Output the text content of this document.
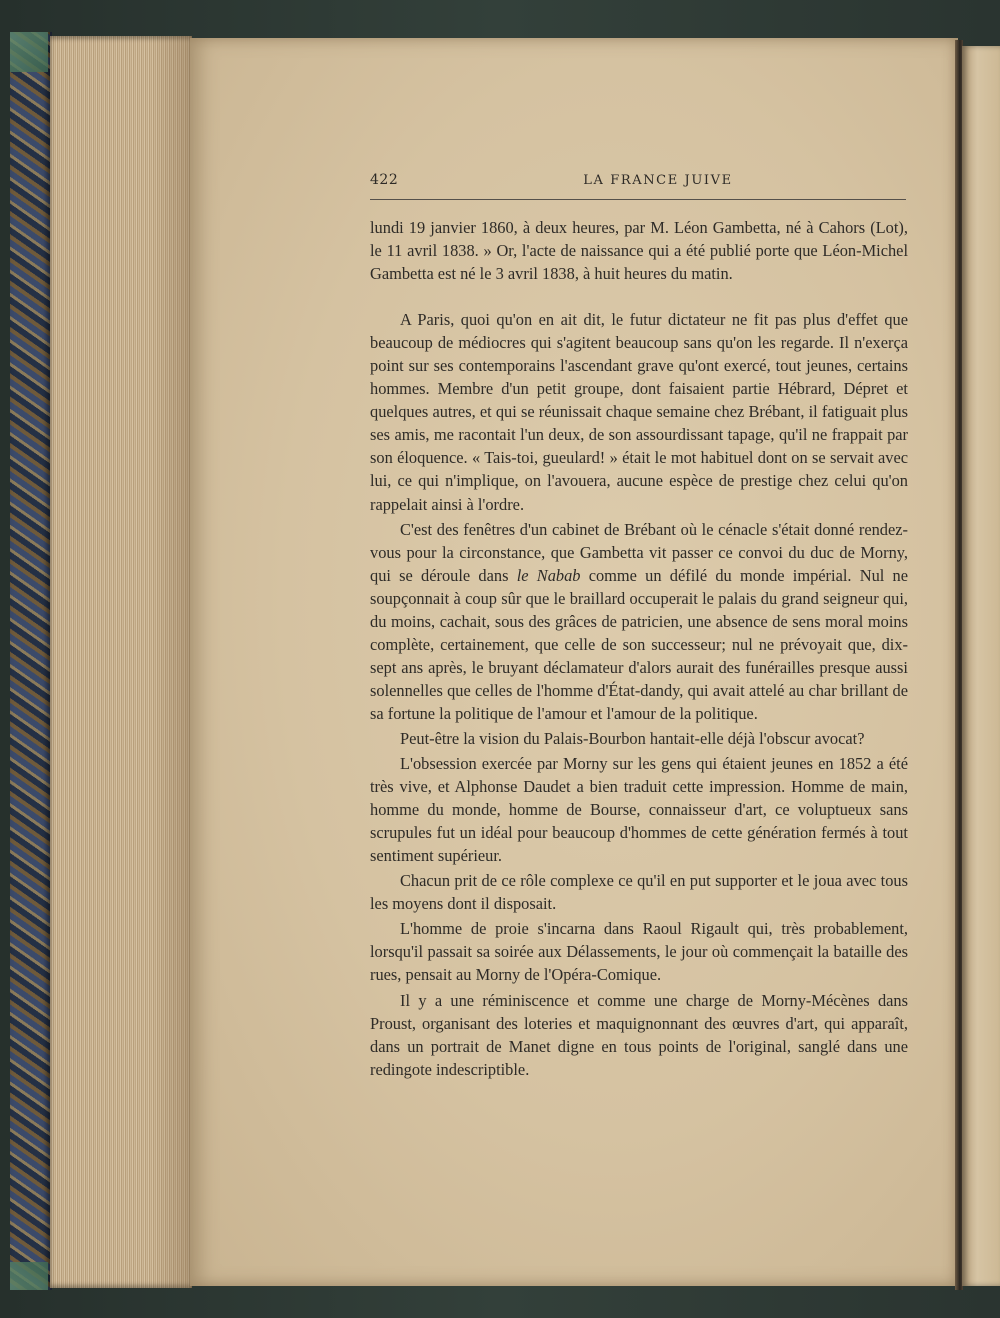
422	LA FRANCE JUIVE

lundi 19 janvier 1860, à deux heures, par M. Léon Gambetta, né à Cahors (Lot), le 11 avril 1838. » Or, l'acte de naissance qui a été publié porte que Léon-Michel Gambetta est né le 3 avril 1838, à huit heures du matin.

A Paris, quoi qu'on en ait dit, le futur dictateur ne fit pas plus d'effet que beaucoup de médiocres qui s'agitent beaucoup sans qu'on les regarde. Il n'exerça point sur ses contemporains l'ascendant grave qu'ont exercé, tout jeunes, certains hommes. Membre d'un petit groupe, dont faisaient partie Hébrard, Dépret et quelques autres, et qui se réunissait chaque semaine chez Brébant, il fatiguait plus ses amis, me racontait l'un deux, de son assourdissant tapage, qu'il ne frappait par son éloquence. « Tais-toi, gueulard! » était le mot habituel dont on se servait avec lui, ce qui n'implique, on l'avouera, aucune espèce de prestige chez celui qu'on rappelait ainsi à l'ordre.

C'est des fenêtres d'un cabinet de Brébant où le cénacle s'était donné rendez-vous pour la circonstance, que Gambetta vit passer ce convoi du duc de Morny, qui se déroule dans le Nabab comme un défilé du monde impérial. Nul ne soupçonnait à coup sûr que le braillard occuperait le palais du grand seigneur qui, du moins, cachait, sous des grâces de patricien, une absence de sens moral moins complète, certainement, que celle de son successeur; nul ne prévoyait que, dix-sept ans après, le bruyant déclamateur d'alors aurait des funérailles presque aussi solennelles que celles de l'homme d'État-dandy, qui avait attelé au char brillant de sa fortune la politique de l'amour et l'amour de la politique.

Peut-être la vision du Palais-Bourbon hantait-elle déjà l'obscur avocat?

L'obsession exercée par Morny sur les gens qui étaient jeunes en 1852 a été très vive, et Alphonse Daudet a bien traduit cette impression. Homme de main, homme du monde, homme de Bourse, connaisseur d'art, ce voluptueux sans scrupules fut un idéal pour beaucoup d'hommes de cette génération fermés à tout sentiment supérieur.

Chacun prit de ce rôle complexe ce qu'il en put supporter et le joua avec tous les moyens dont il disposait.

L'homme de proie s'incarna dans Raoul Rigault qui, très probablement, lorsqu'il passait sa soirée aux Délassements, le jour où commençait la bataille des rues, pensait au Morny de l'Opéra-Comique.

Il y a une réminiscence et comme une charge de Morny-Mécènes dans Proust, organisant des loteries et maquignonnant des œuvres d'art, qui apparaît, dans un portrait de Manet digne en tous points de l'original, sanglé dans une redingote indescriptible.
